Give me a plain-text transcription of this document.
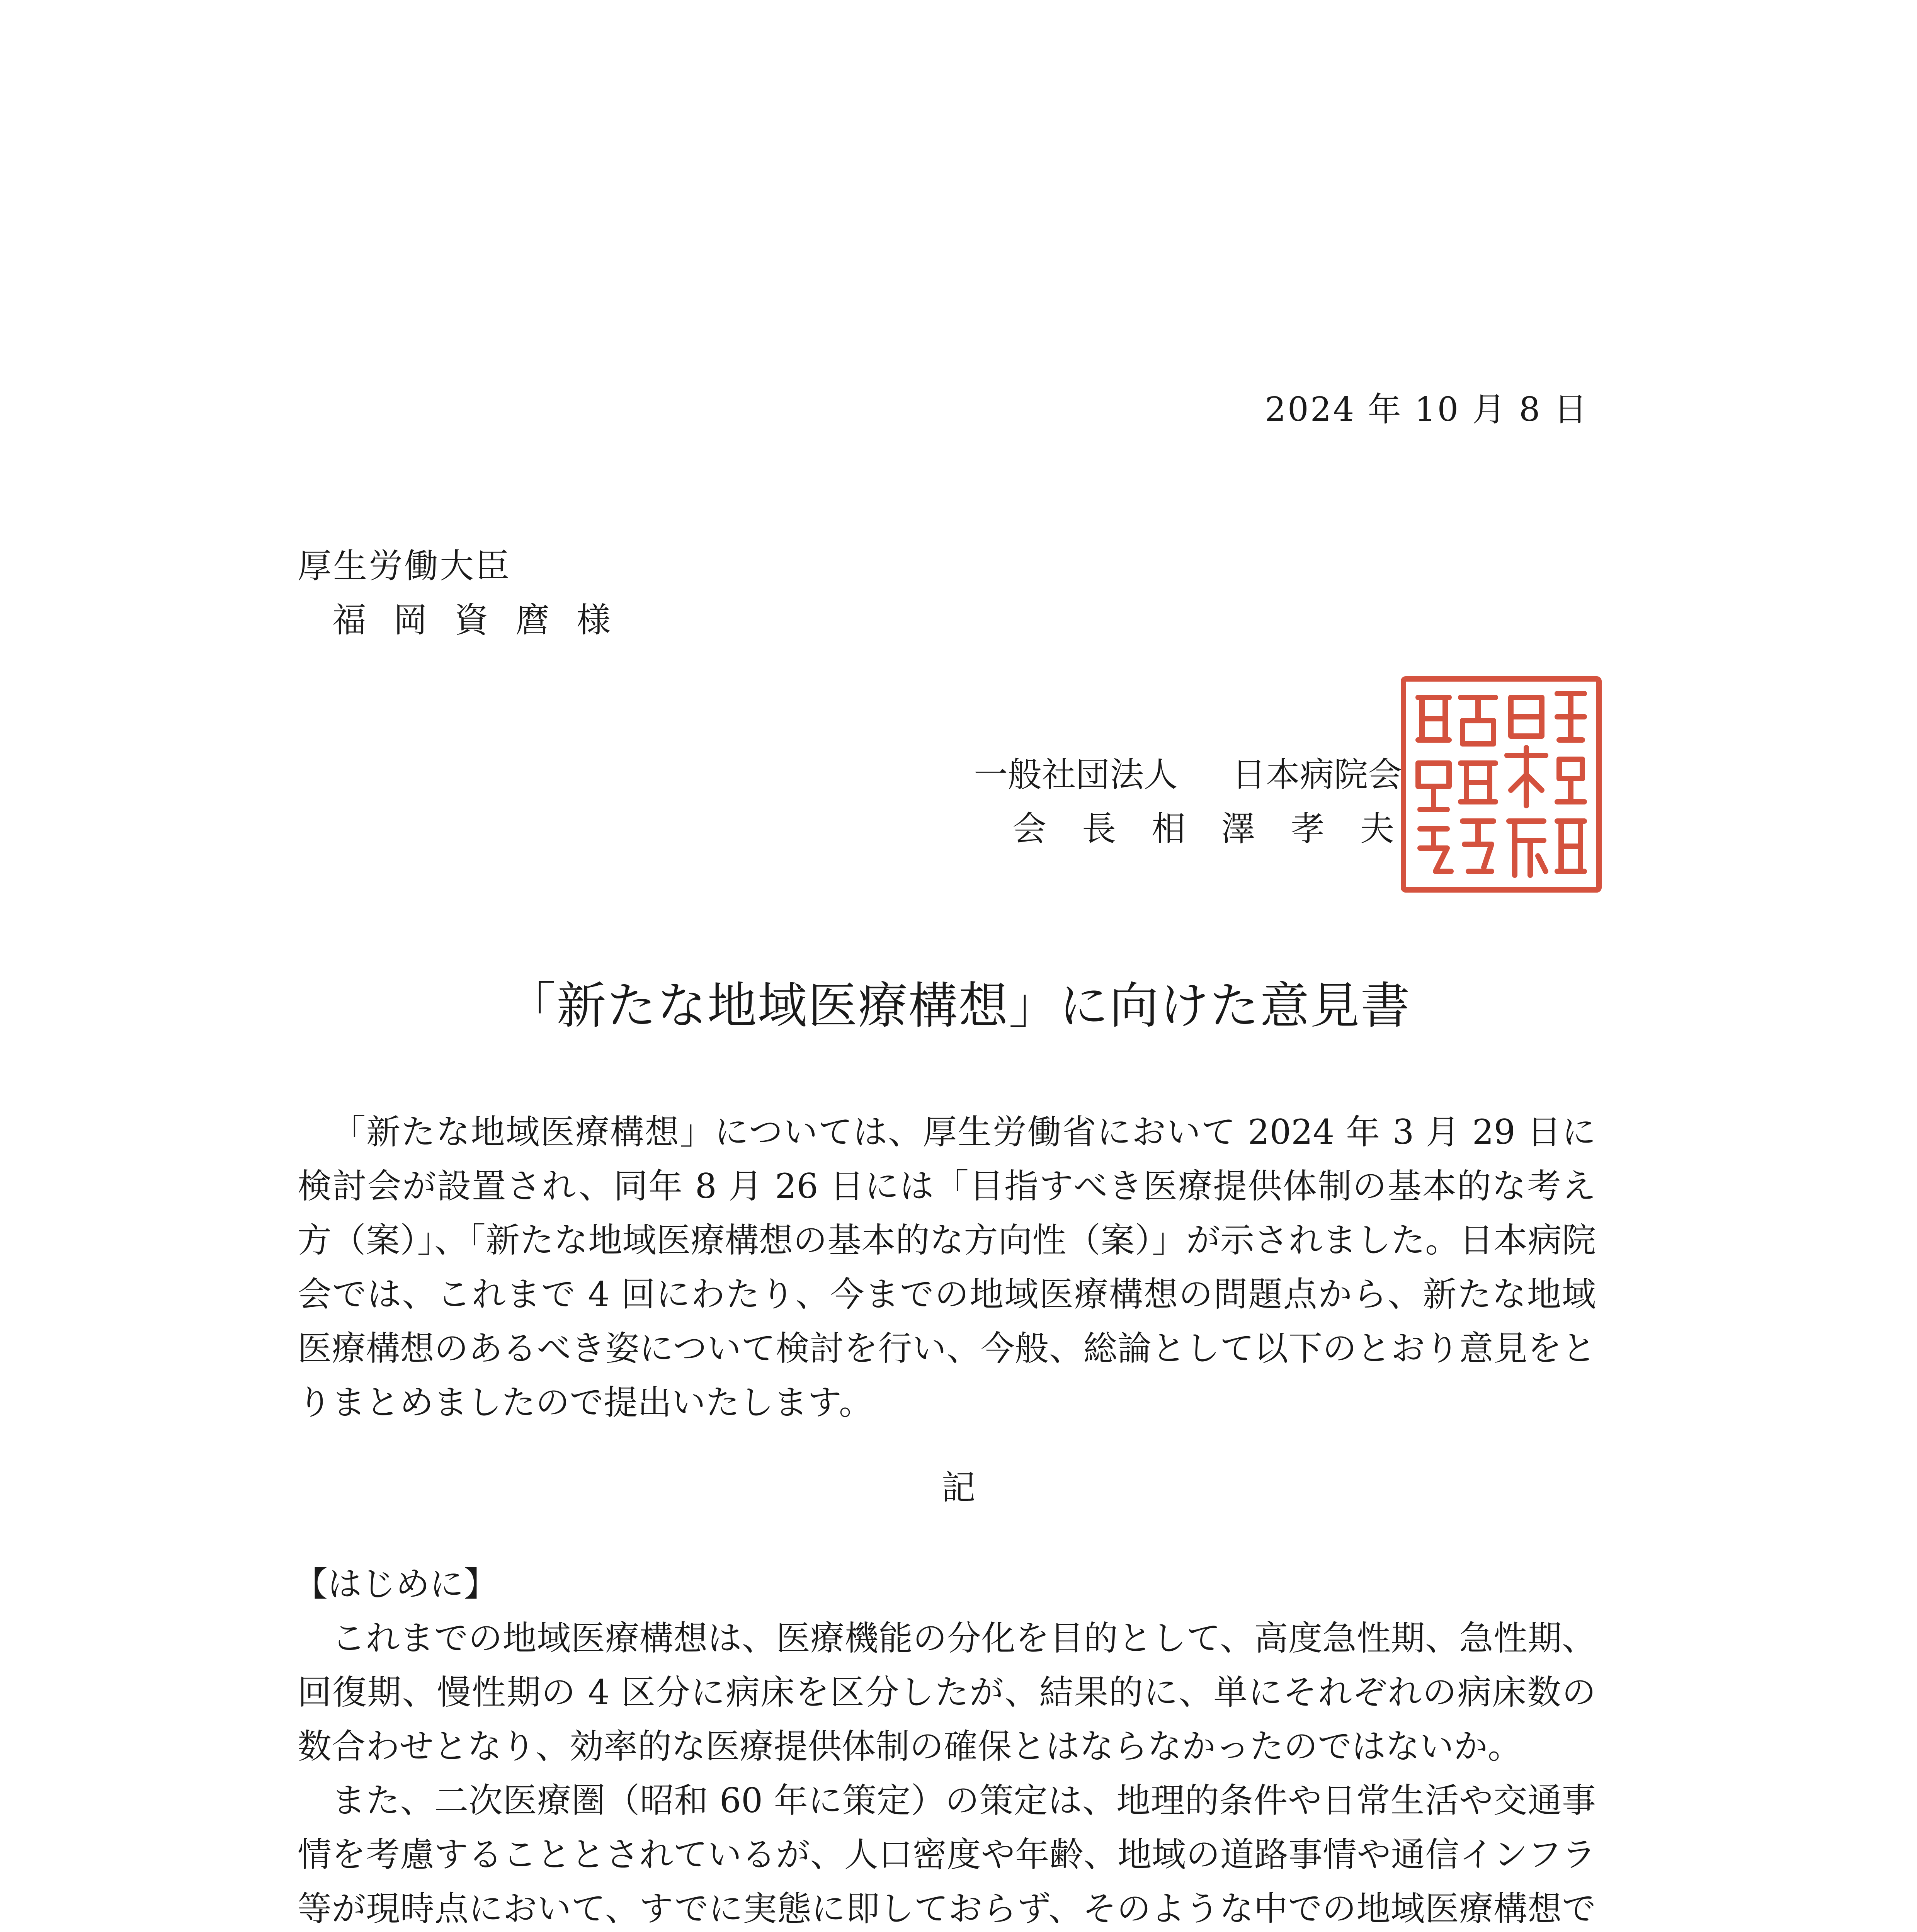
2024 年 10 月 8 日
厚生労働大臣
福岡資麿様
一般社団法人 日本病院会
会長相澤孝夫
「新たな地域医療構想」に向けた意見書
「新たな地域医療構想」については、厚生労働省において 2024 年 3 月 29 日に検討会が設置され、同年 8 月 26 日には「目指すべき医療提供体制の基本的な考え方（案）」、「新たな地域医療構想の基本的な方向性（案）」が示されました。日本病院会では、これまで 4 回にわたり、今までの地域医療構想の問題点から、新たな地域医療構想のあるべき姿について検討を行い、今般、総論として以下のとおり意見をとりまとめましたので提出いたします。
記
【はじめに】

これまでの地域医療構想は、医療機能の分化を目的として、高度急性期、急性期、回復期、慢性期の 4 区分に病床を区分したが、結果的に、単にそれぞれの病床数の数合わせとなり、効率的な医療提供体制の確保とはならなかったのではないか。

また、二次医療圏（昭和 60 年に策定）の策定は、地理的条件や日常生活や交通事情を考慮することとされているが、人口密度や年齢、地域の道路事情や通信インフラ等が現時点において、すでに実態に即しておらず、そのような中での地域医療構想で
